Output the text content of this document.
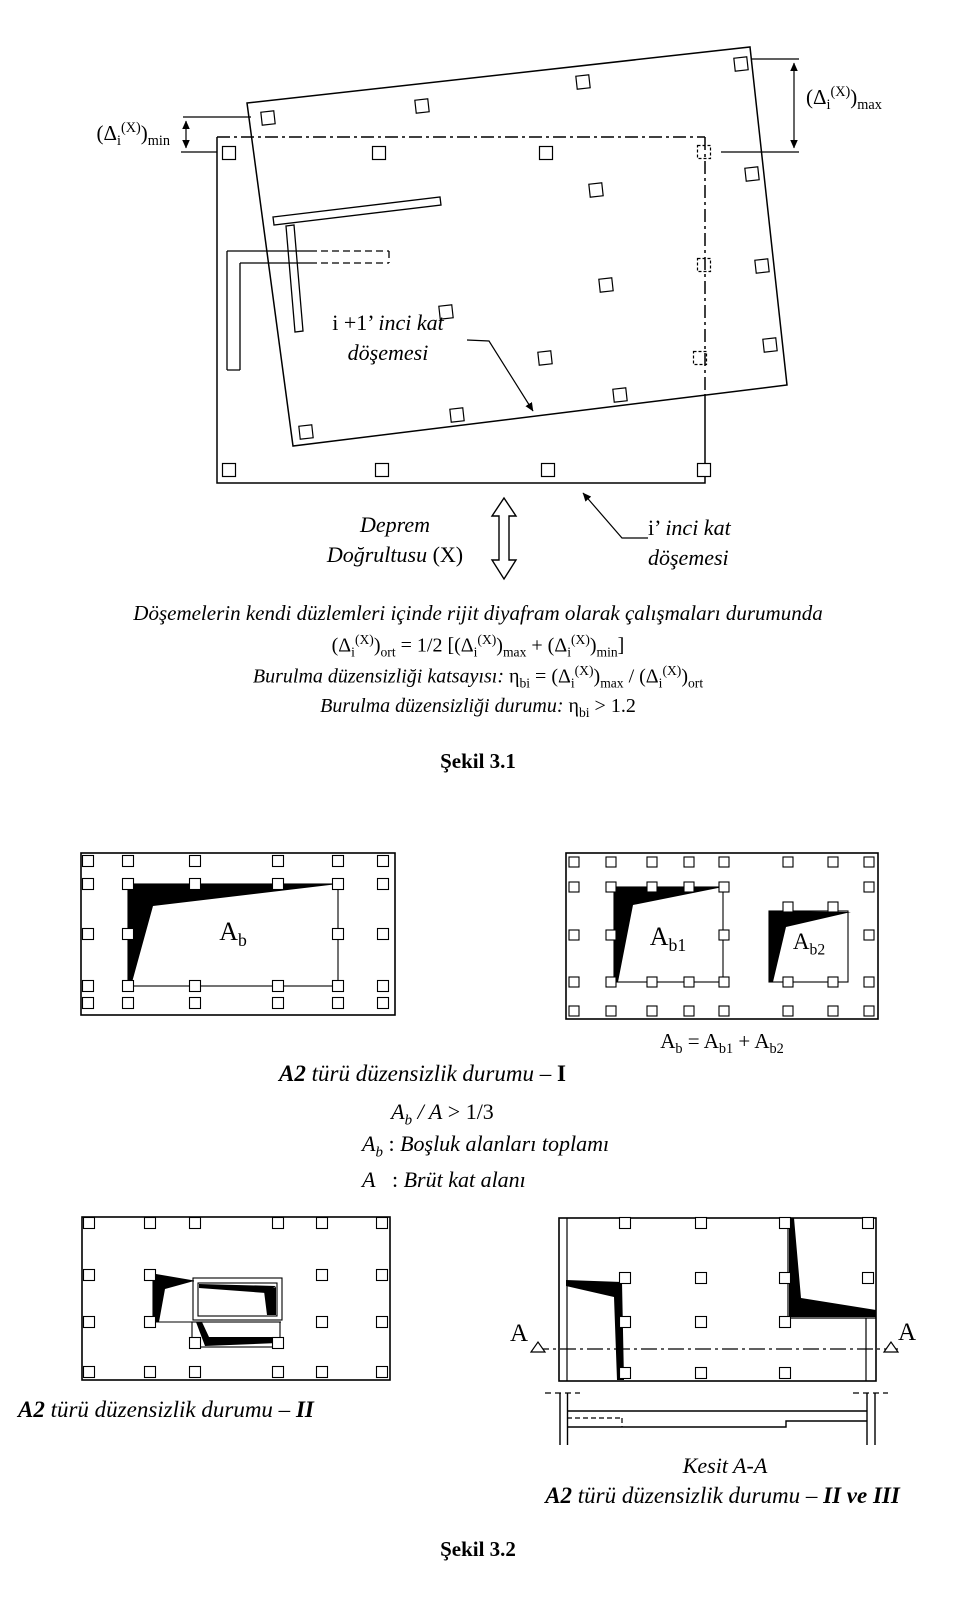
$(\Delta_i^{(X)})_{min}$
$(\Delta_i^{(X)})_{max}$
i +1’ inci kat
döşemesi
Deprem
Doğrultusu (X)
i’ inci kat
döşemesi
Döşemelerin kendi düzlemleri içinde rijit diyafram olarak çalışmaları durumunda
$(\Delta_i^{(X)})_{ort} = 1/2$ $[(\Delta_i^{(X)})_{max} + (\Delta_i^{(X)})_{min}]$
Burulma düzensizliği katsayısı: $\eta_{bi} = (\Delta_i^{(X)})_{max} / (\Delta_i^{(X)})_{ort}$
Burulma düzensizliği durumu: $\eta_{bi} > 1.2$
Şekil 3.1
$A_b$	$A_{b1}$	$A_{b2}$
$A_b = A_{b1} + A_{b2}$
A2 türü düzensizlik durumu – I
$A_b / A > 1/3$
$A_b$ : Boşluk alanları toplamı
A   : Brüt kat alanı
A2 türü düzensizlik durumu – II
A	A
Kesit A-A
A2 türü düzensizlik durumu – II ve III
Şekil 3.2
